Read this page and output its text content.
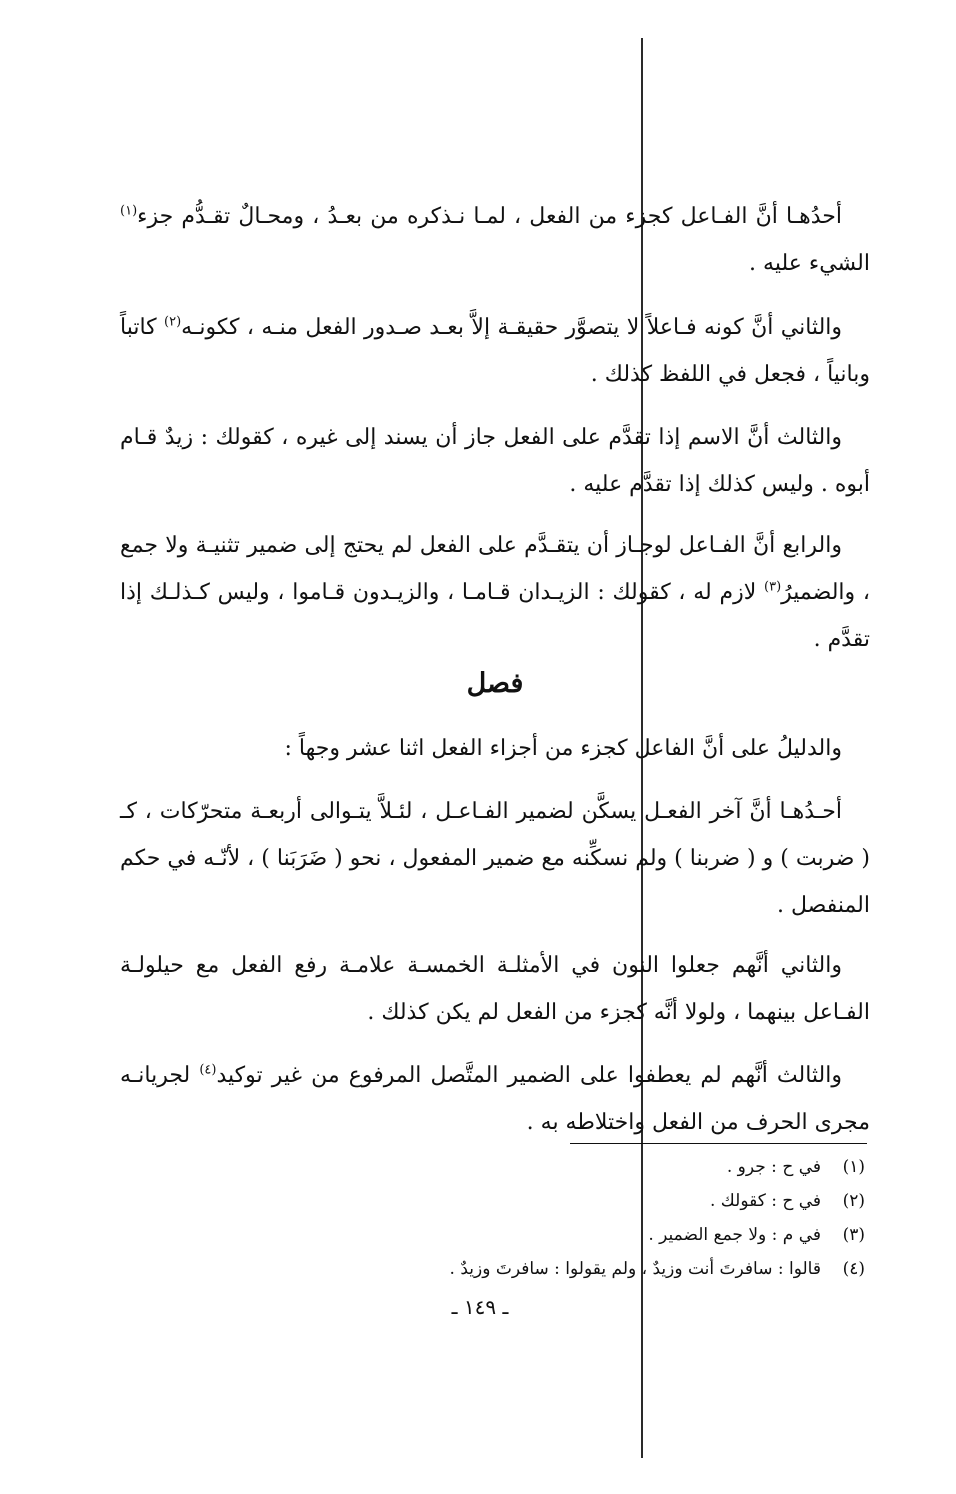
أحدُهـا أنَّ الفـاعل كجزء من الفعل ، لمـا نـذكره من بعـدُ ، ومحـالٌ تقـدُّم جزء$^{(١)}$ الشيء عليه .

والثاني أنَّ كونه فـاعلاً لا يتصوَّر حقيقـة إلاَّ بعـد صـدور الفعل منـه ، ككونـه$^{(٢)}$ كاتباً وبانياً ، فجعل في اللفظ كذلك .

والثالث أنَّ الاسم إذا تقدَّم على الفعل جاز أن يسند إلى غيره ، كقولك : زيدٌ قـام أبوه . وليس كذلك إذا تقدَّم عليه .

والرابع أنَّ الفـاعل لوجـاز أن يتقـدَّم على الفعل لم يحتج إلى ضمير تثنيـة ولا جمع ، والضميرُ$^{(٣)}$ لازم له ، كقولك : الزيـدان قـامـا ، والزيـدون قـاموا ، وليس كـذلـك إذا تقدَّم .

فصل

والدليلُ على أنَّ الفاعل كجزء من أجزاء الفعل اثنا عشر وجهاً :

أحـدُهـا أنَّ آخر الفعـل يسكَّن لضمير الفـاعـل ، لئـلاَّ يتـوالى أربعـة متحرّكات ، كـ ( ضربت ) و ( ضربنا ) ولم نسكِّنه مع ضمير المفعول ، نحو ( ضَرَبَنا ) ، لأنّـه في حكم المنفصل .

والثاني أنَّهم جعلوا النون في الأمثلـة الخمسـة علامـة رفع الفعل مع حيلولـة الفـاعل بينهما ، ولولا أنَّه كجزء من الفعل لم يكن كذلك .

والثالث أنَّهم لم يعطفوا على الضمير المتَّصل المرفوع من غير توكيد$^{(٤)}$ لجريانـه مجرى الحرف من الفعل واختلاطه به .

(١)
في ح : جرو .
(٢)
في ح : كقولك .
(٣)
في م : ولا جمع الضمير .
(٤)
قالوا : سافرتَ أنت وزيدٌ ، ولم يقولوا : سافرتَ وزيدٌ .
ـ ١٤٩ ـ
